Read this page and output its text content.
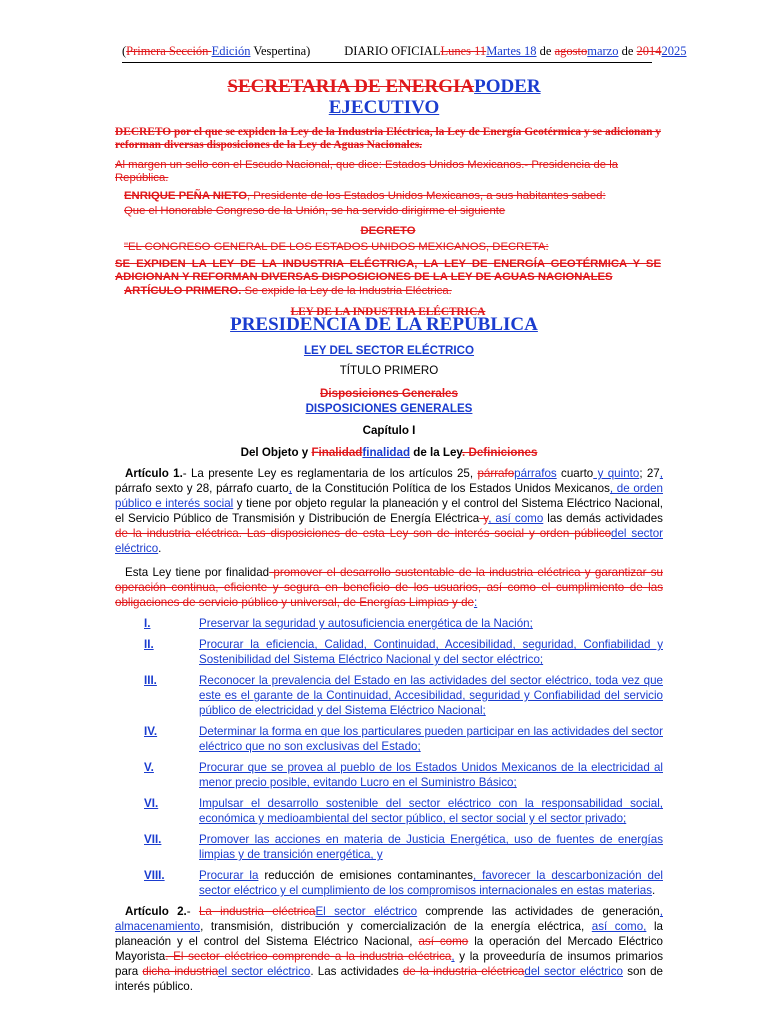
(Primera Sección Edición Vespertina)	DIARIO OFICIALLunes 11Martes 18 de agostomarzo de 20142025
SECRETARIA DE ENERGIAPODER
EJECUTIVO
DECRETO por el que se expiden la Ley de la Industria Eléctrica, la Ley de Energía Geotérmica y se adicionan y reforman diversas disposiciones de la Ley de Aguas Nacionales.
Al margen un sello con el Escudo Nacional, que dice: Estados Unidos Mexicanos.- Presidencia de la República.
ENRIQUE PEÑA NIETO, Presidente de los Estados Unidos Mexicanos, a sus habitantes sabed:
Que el Honorable Congreso de la Unión, se ha servido dirigirme el siguiente
DECRETO
"EL CONGRESO GENERAL DE LOS ESTADOS UNIDOS MEXICANOS, DECRETA:
SE EXPIDEN LA LEY DE LA INDUSTRIA ELÉCTRICA, LA LEY DE ENERGÍA GEOTÉRMICA Y SE ADICIONAN Y REFORMAN DIVERSAS DISPOSICIONES DE LA LEY DE AGUAS NACIONALES
ARTÍCULO PRIMERO. Se expide la Ley de la Industria Eléctrica.
LEY DE LA INDUSTRIA ELÉCTRICA
PRESIDENCIA DE LA REPUBLICA
LEY DEL SECTOR ELÉCTRICO
TÍTULO PRIMERO
Disposiciones Generales
DISPOSICIONES GENERALES
Capítulo I
Del Objeto y Finalidadfinalidad de la Ley. Definiciones
Artículo 1.- La presente Ley es reglamentaria de los artículos 25, párrafopárrafos cuarto y quinto; 27, párrafo sexto y 28, párrafo cuarto, de la Constitución Política de los Estados Unidos Mexicanos, de orden público e interés social y tiene por objeto regular la planeación y el control del Sistema Eléctrico Nacional, el Servicio Público de Transmisión y Distribución de Energía Eléctrica y, así como las demás actividades de la industria eléctrica. Las disposiciones de esta Ley son de interés social y orden públicodel sector eléctrico.
Esta Ley tiene por finalidad promover el desarrollo sustentable de la industria eléctrica y garantizar su operación continua, eficiente y segura en beneficio de los usuarios, así como el cumplimiento de las obligaciones de servicio público y universal, de Energías Limpias y de:
I.	Preservar la seguridad y autosuficiencia energética de la Nación;
II.	Procurar la eficiencia, Calidad, Continuidad, Accesibilidad, seguridad, Confiabilidad y Sostenibilidad del Sistema Eléctrico Nacional y del sector eléctrico;
III.	Reconocer la prevalencia del Estado en las actividades del sector eléctrico, toda vez que este es el garante de la Continuidad, Accesibilidad, seguridad y Confiabilidad del servicio público de electricidad y del Sistema Eléctrico Nacional;
IV.	Determinar la forma en que los particulares pueden participar en las actividades del sector eléctrico que no son exclusivas del Estado;
V.	Procurar que se provea al pueblo de los Estados Unidos Mexicanos de la electricidad al menor precio posible, evitando Lucro en el Suministro Básico;
VI.	Impulsar el desarrollo sostenible del sector eléctrico con la responsabilidad social, económica y medioambiental del sector público, el sector social y el sector privado;
VII.	Promover las acciones en materia de Justicia Energética, uso de fuentes de energías limpias y de transición energética, y
VIII.	Procurar la reducción de emisiones contaminantes, favorecer la descarbonización del sector eléctrico y el cumplimiento de los compromisos internacionales en estas materias.
Artículo 2.- La industria eléctricaEl sector eléctrico comprende las actividades de generación, almacenamiento, transmisión, distribución y comercialización de la energía eléctrica, así como, la planeación y el control del Sistema Eléctrico Nacional, así como la operación del Mercado Eléctrico Mayorista. El sector eléctrico comprende a la industria eléctrica, y la proveeduría de insumos primarios para dicha industriael sector eléctrico. Las actividades de la industria eléctricadel sector eléctrico son de interés público.
